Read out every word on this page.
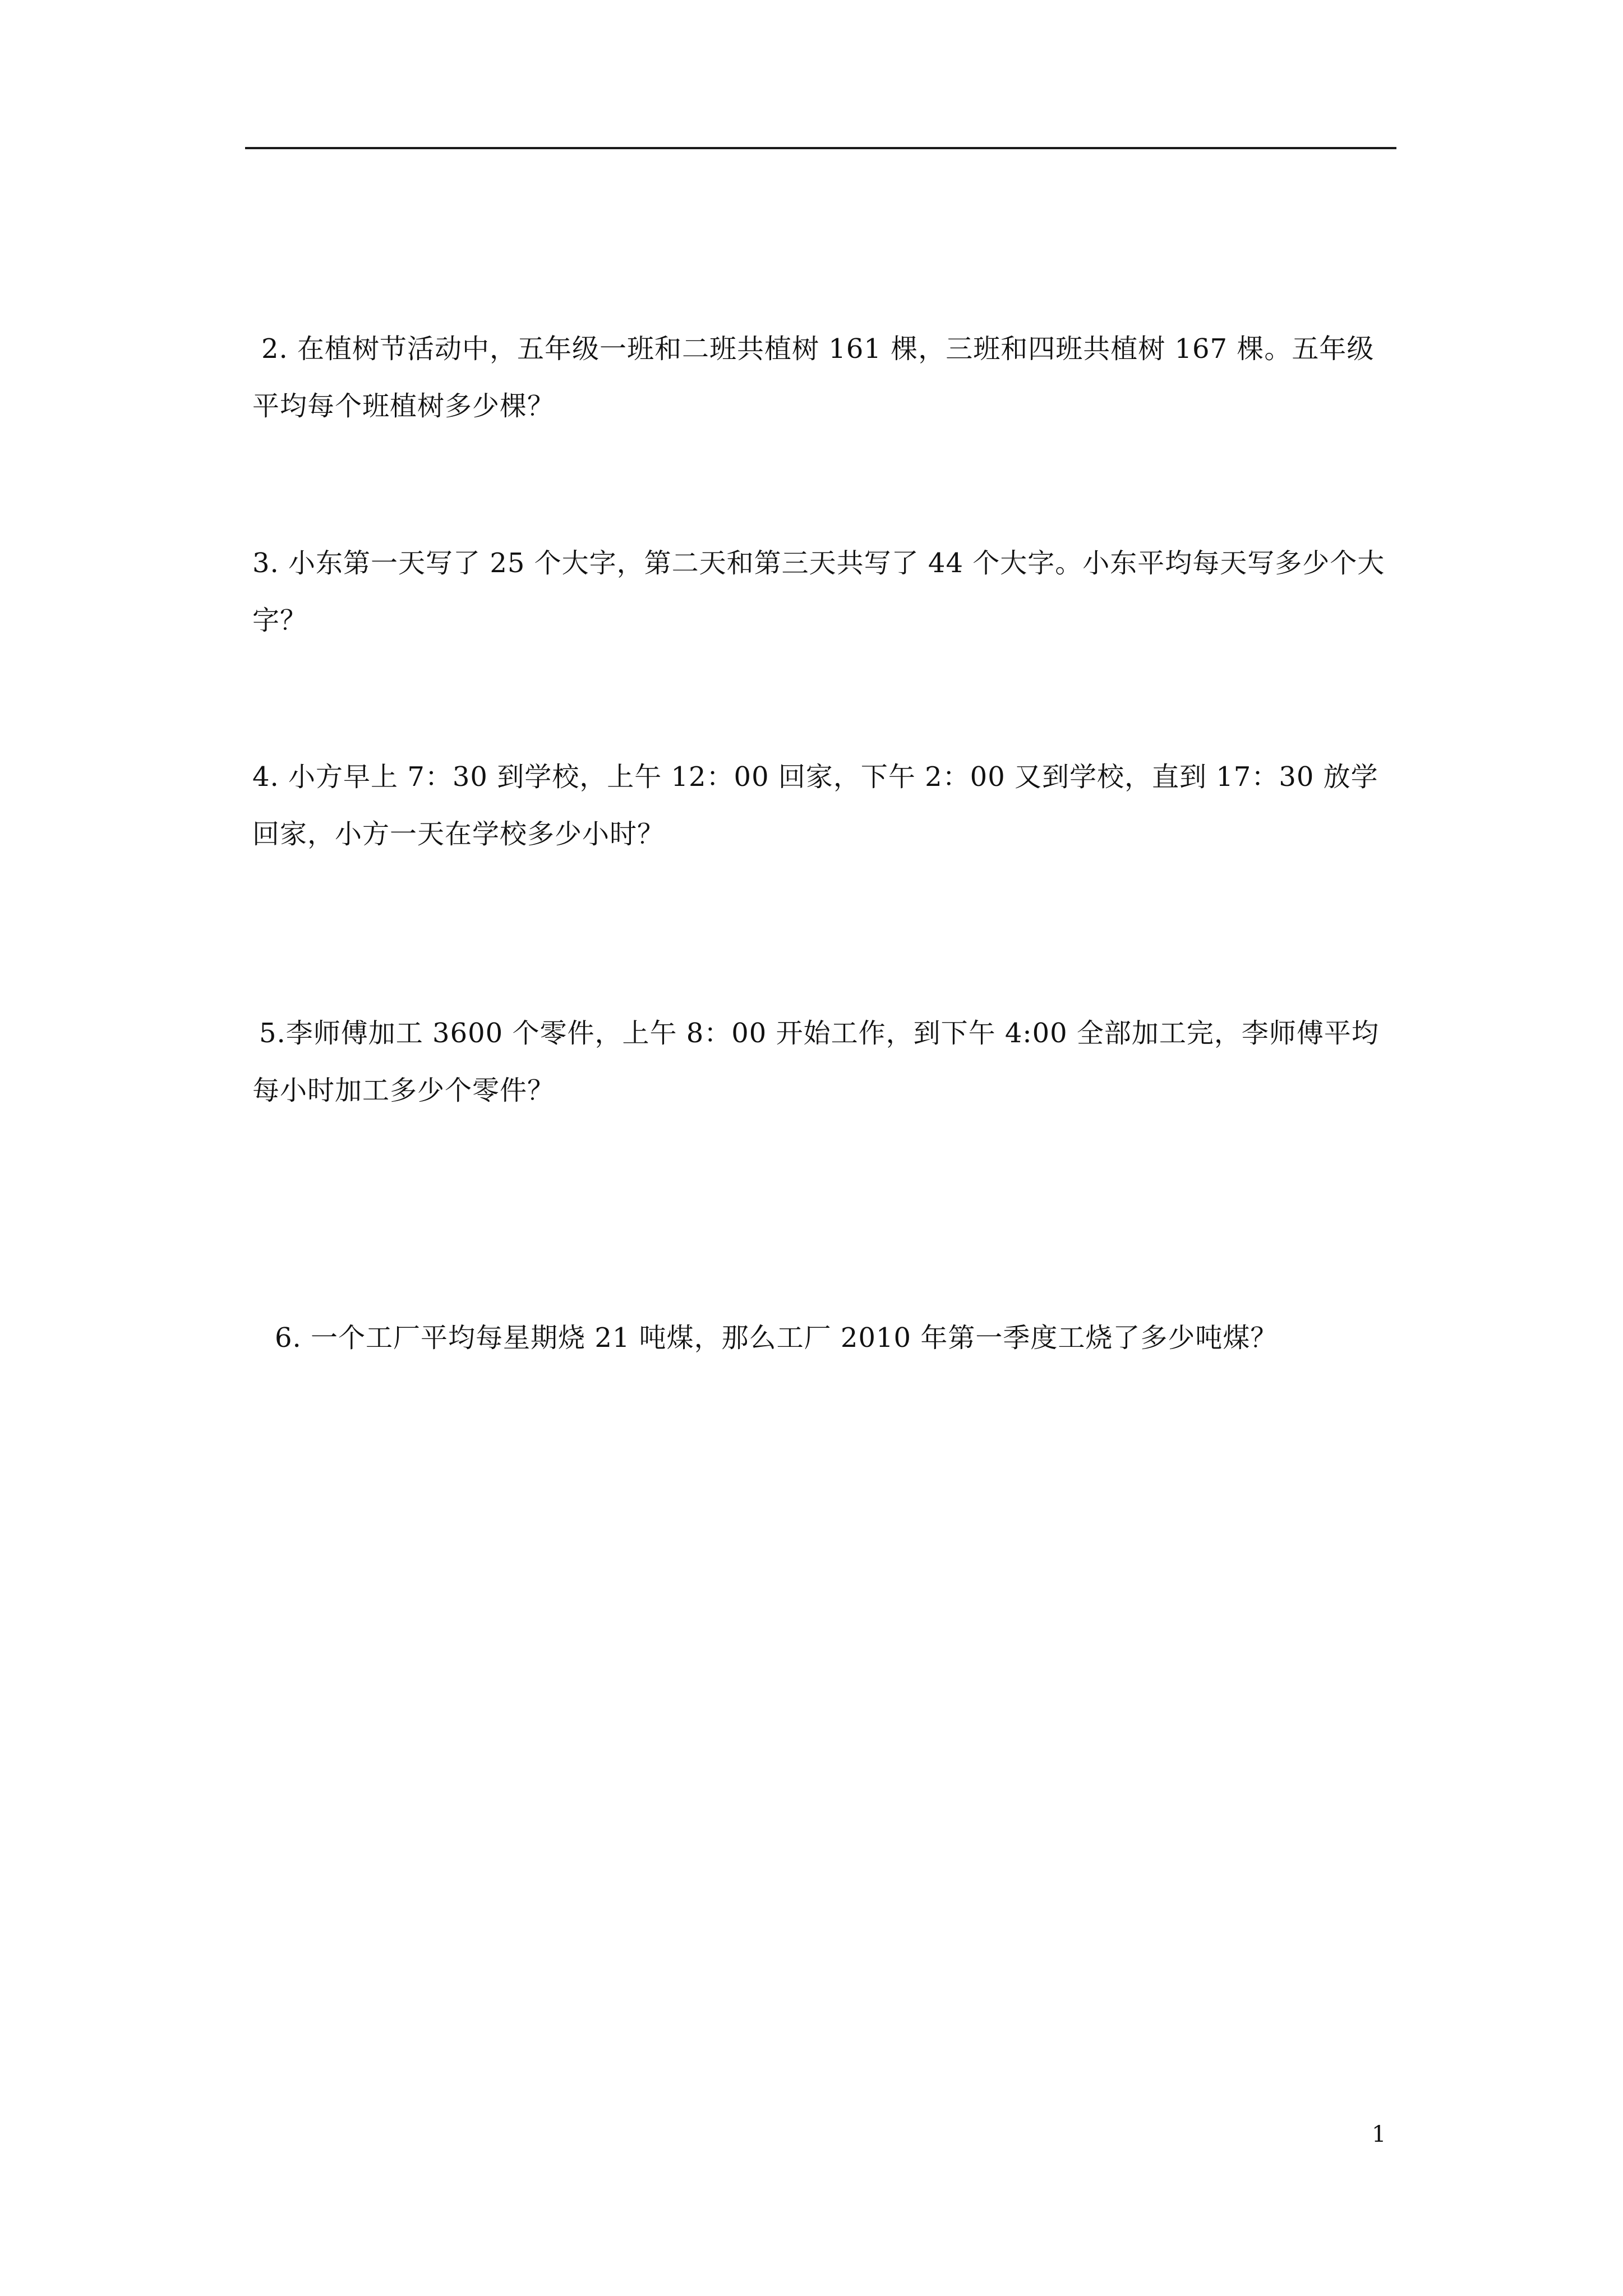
2. 在植树节活动中，五年级一班和二班共植树 161 棵，三班和四班共植树 167 棵。五年级平均每个班植树多少棵？

3. 小东第一天写了 25 个大字，第二天和第三天共写了 44 个大字。小东平均每天写多少个大字？

4. 小方早上 7：30 到学校，上午 12：00 回家，下午 2：00 又到学校，直到 17：30 放学回家，小方一天在学校多少小时？

5.李师傅加工 3600 个零件，上午 8：00 开始工作，到下午 4:00 全部加工完，李师傅平均每小时加工多少个零件？

6. 一个工厂平均每星期烧 21 吨煤，那么工厂 2010 年第一季度工烧了多少吨煤？

1
